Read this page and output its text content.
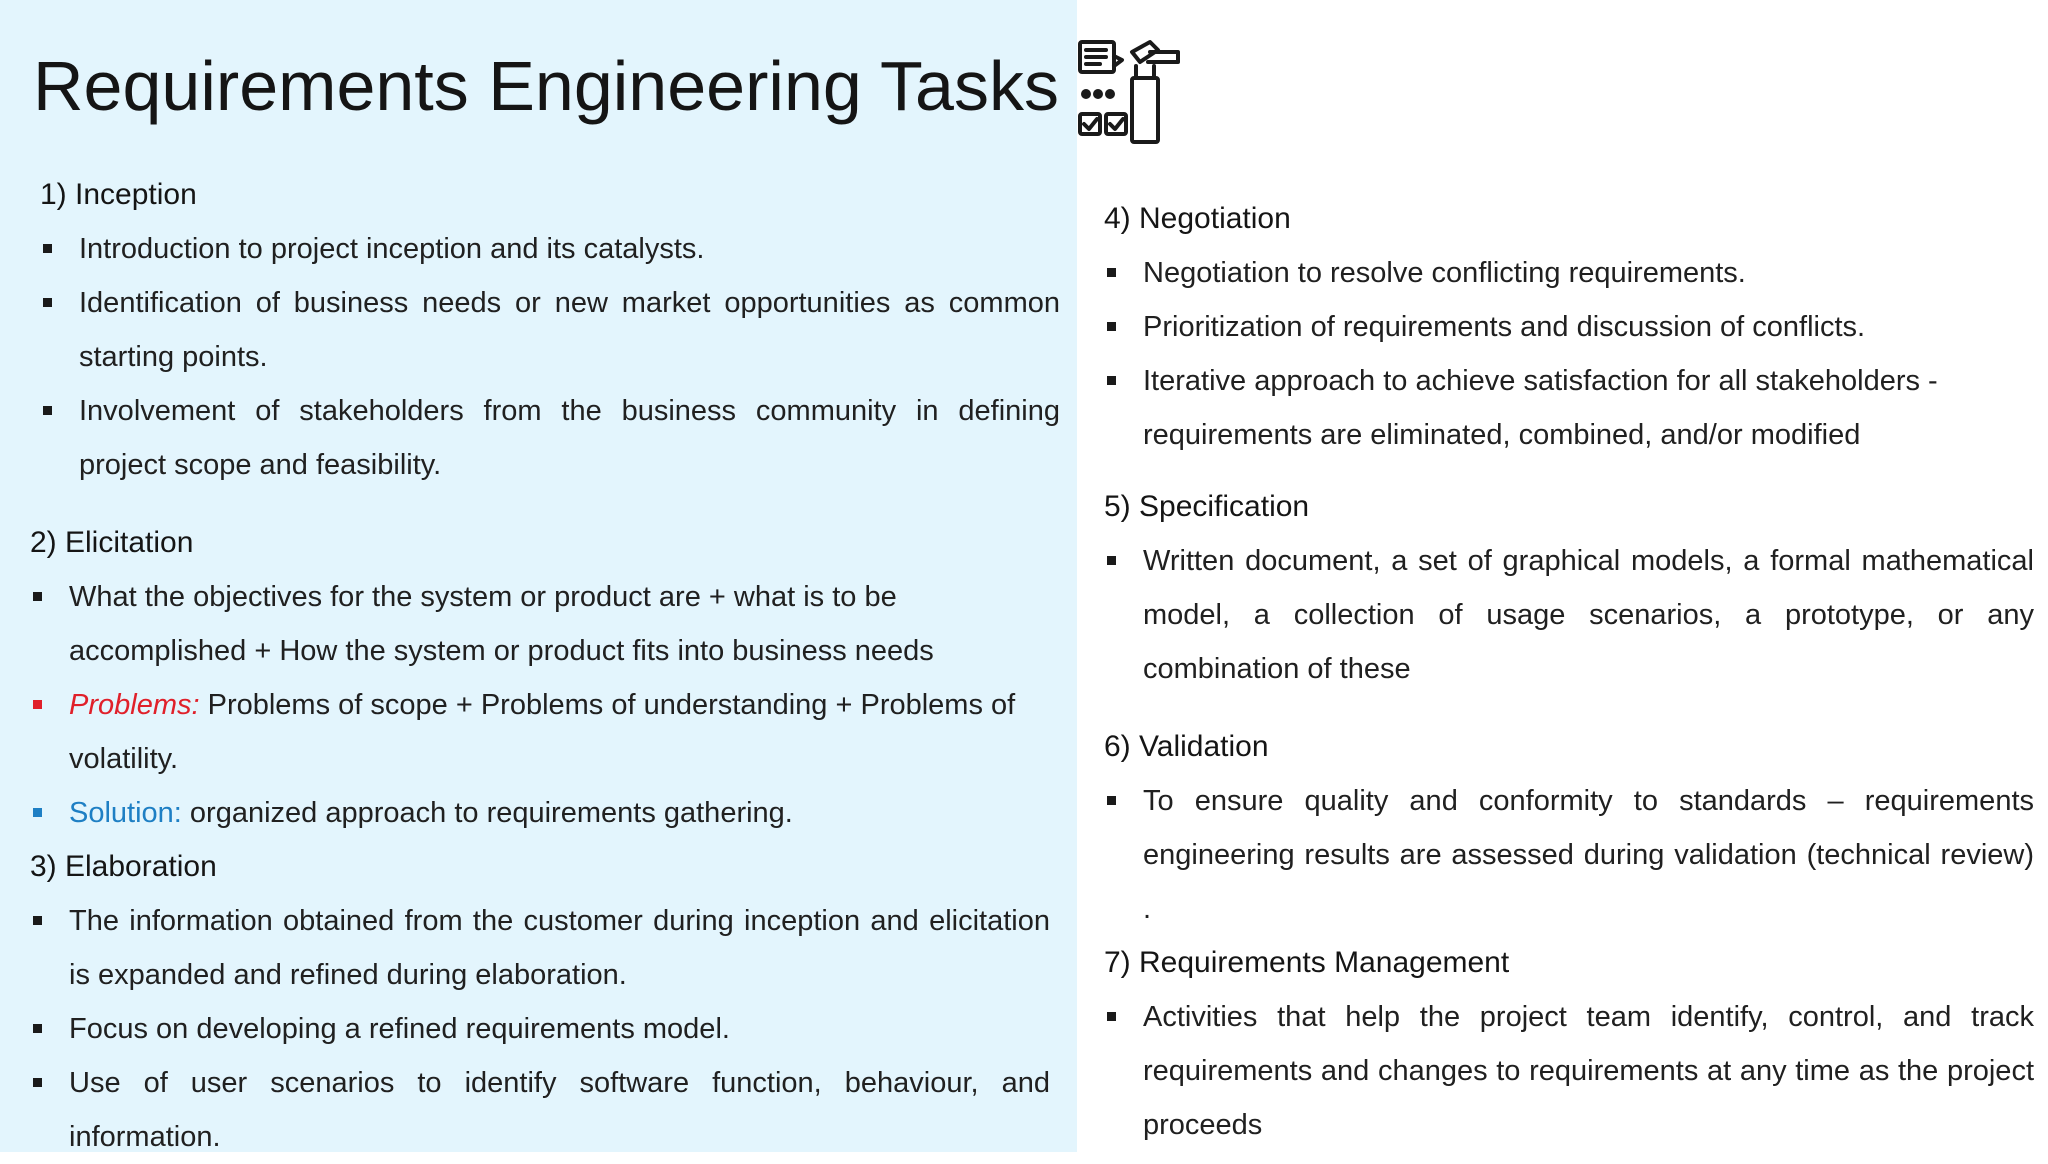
Requirements Engineering Tasks

1) Inception

Introduction to project inception and its catalysts.
Identification of business needs or new market opportunities as common starting points.
Involvement of stakeholders from the business community in defining project scope and feasibility.

2) Elicitation

What the objectives for the system or product are + what is to be accomplished + How the system or product fits into business needs
Problems: Problems of scope + Problems of understanding + Problems of volatility.
Solution: organized approach to requirements gathering.

3) Elaboration

The information obtained from the customer during inception and elicitation is expanded and refined during elaboration.
Focus on developing a refined requirements model.
Use of user scenarios to identify software function, behaviour, and information.

4) Negotiation

Negotiation to resolve conflicting requirements.
Prioritization of requirements and discussion of conflicts.
Iterative approach to achieve satisfaction for all stakeholders - requirements are eliminated, combined, and/or modified

5) Specification

Written document, a set of graphical models, a formal mathematical model, a collection of usage scenarios, a prototype, or any combination of these

6) Validation

To ensure quality and conformity to standards – requirements engineering results are assessed during validation (technical review) .

7) Requirements Management

Activities that help the project team identify, control, and track requirements and changes to requirements at any time as the project proceeds
